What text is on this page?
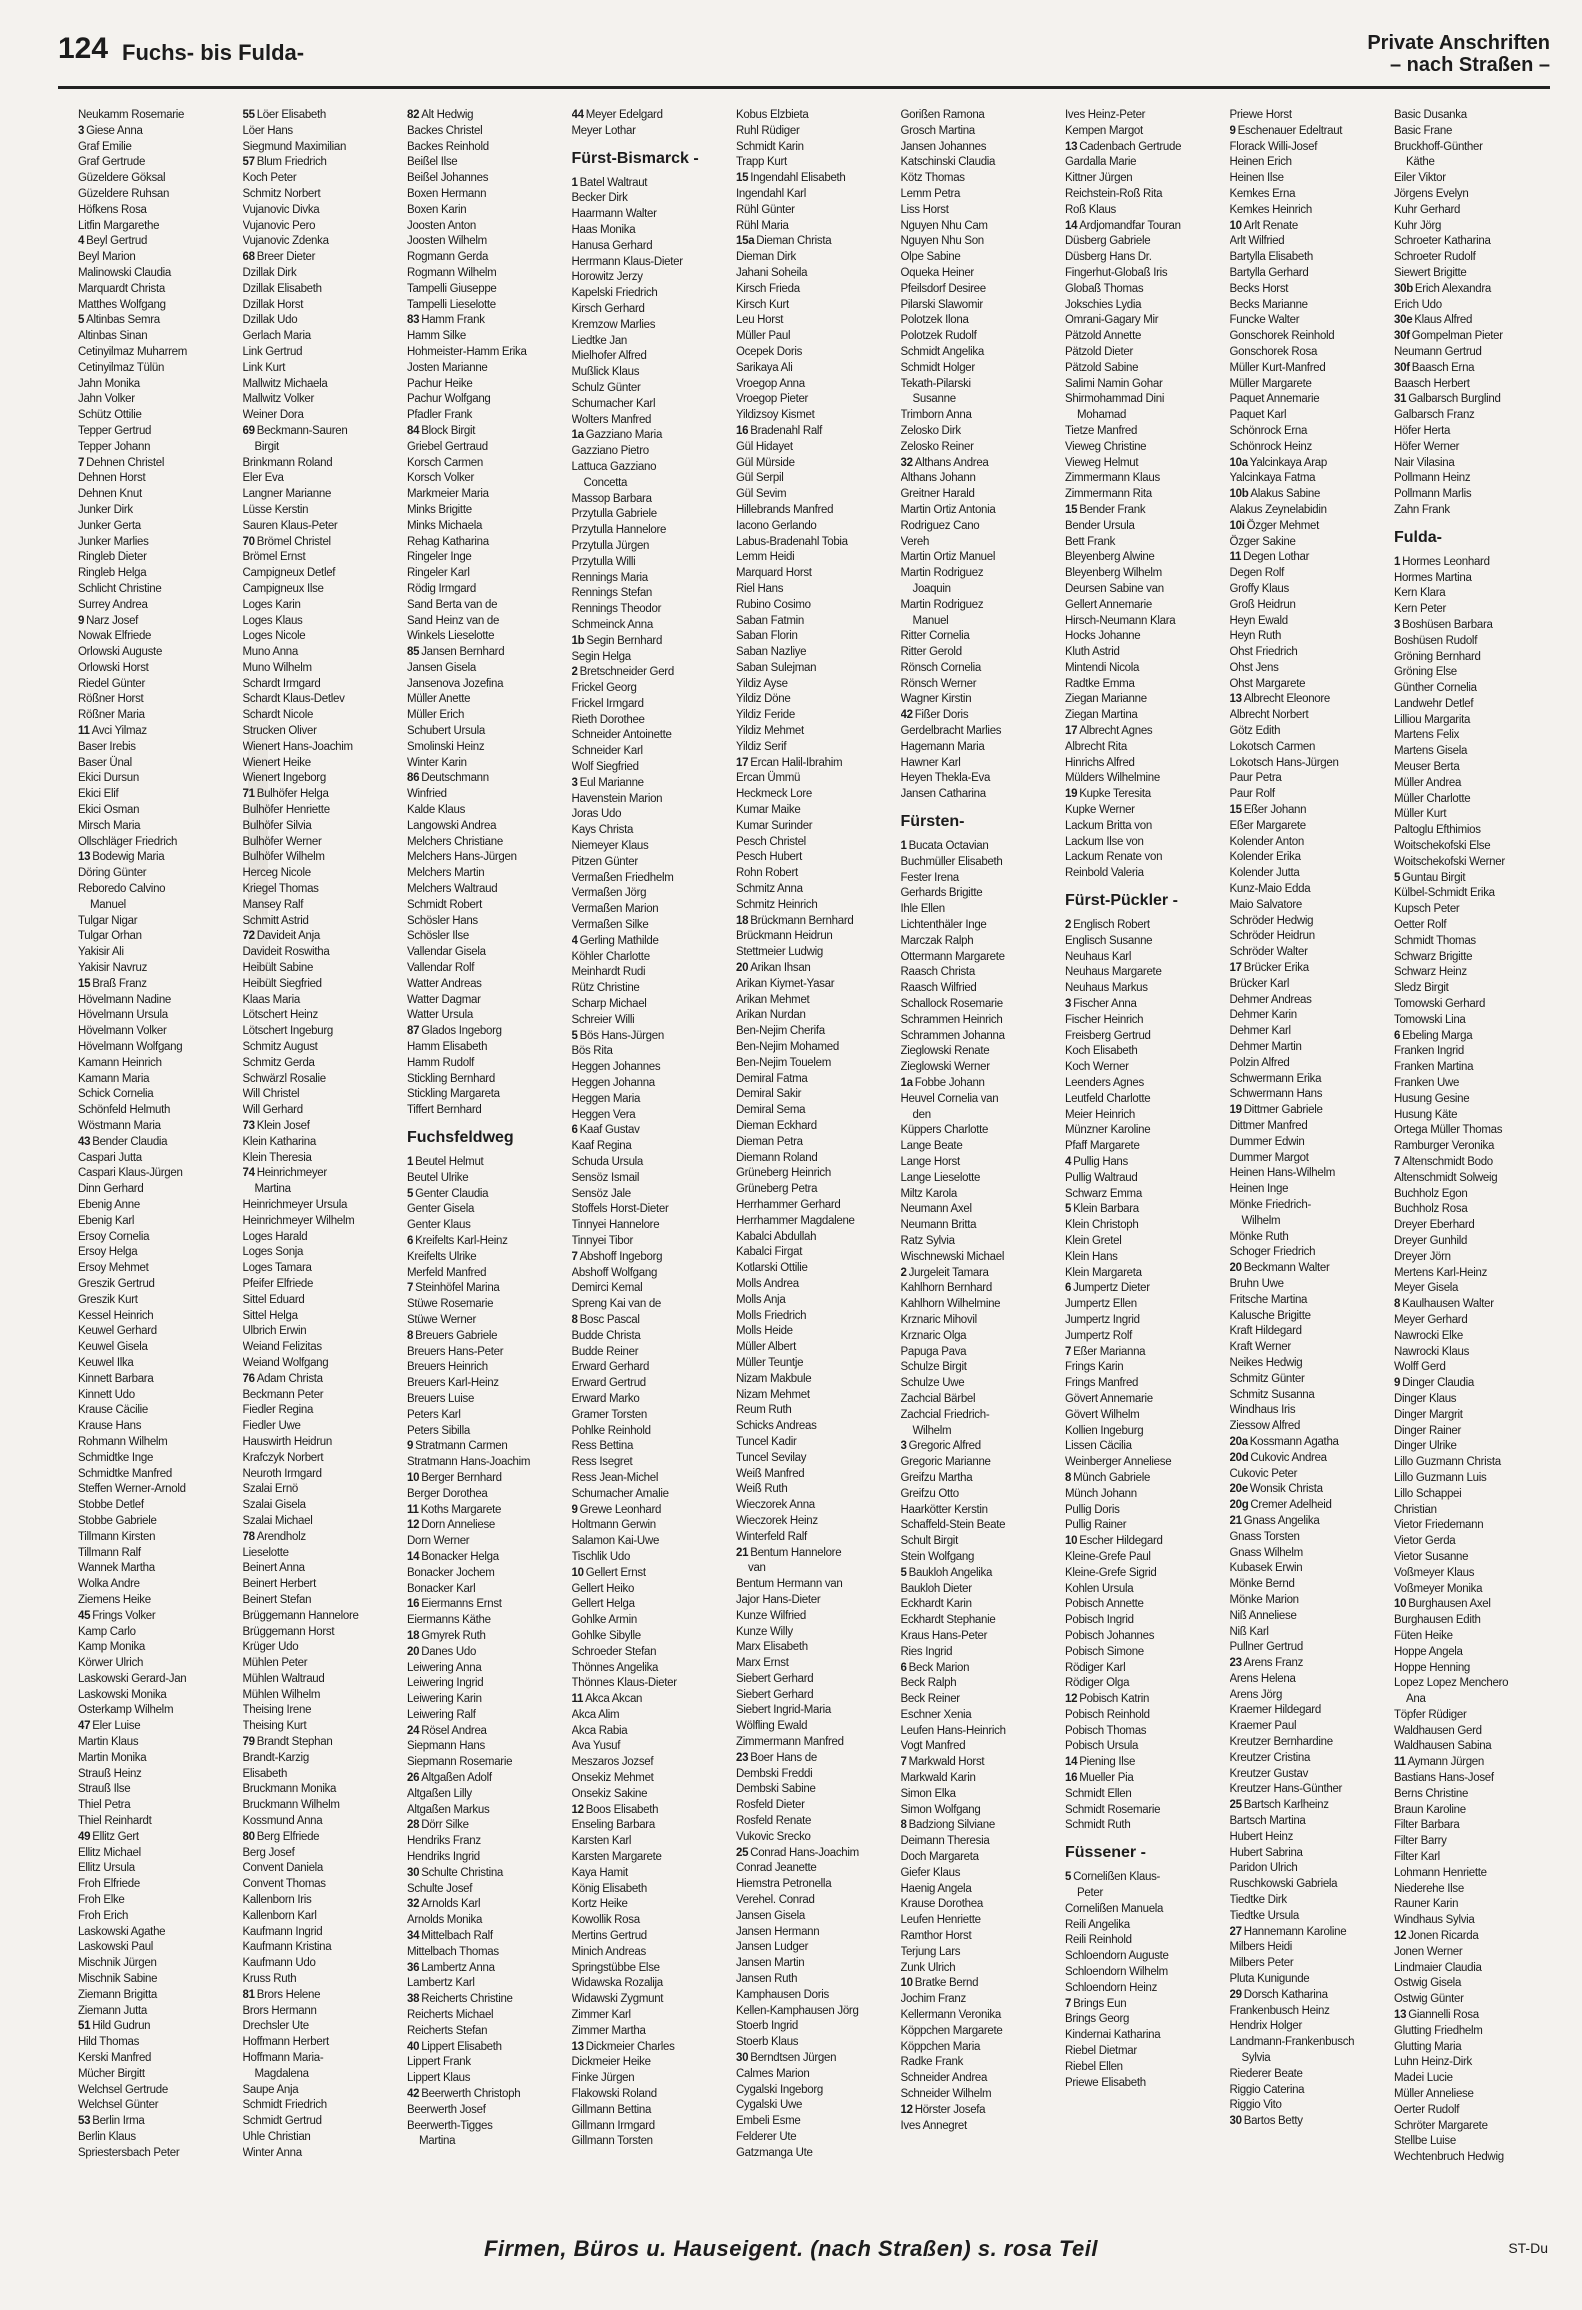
124 Fuchs- bis Fulda-	Private Anschriften
– nach Straßen –
Neukamm Rosemarie
3 Giese Anna
Graf Emilie
Graf Gertrude
Güzeldere Göksal
Güzeldere Ruhsan
Höfkens Rosa
Litfin Margarethe
4 Beyl Gertrud
Beyl Marion
Malinowski Claudia
Marquardt Christa
Matthes Wolfgang
5 Altinbas Semra
Altinbas Sinan
Cetinyilmaz Muharrem
Cetinyilmaz Tülün
Jahn Monika
Jahn Volker
Schütz Ottilie
Tepper Gertrud
Tepper Johann
7 Dehnen Christel
Dehnen Horst
Dehnen Knut
Junker Dirk
Junker Gerta
Junker Marlies
Ringleb Dieter
Ringleb Helga
Schlicht Christine
Surrey Andrea
9 Narz Josef
Nowak Elfriede
Orlowski Auguste
Orlowski Horst
Riedel Günter
Rößner Horst
Rößner Maria
11 Avci Yilmaz
Baser Irebis
Baser Ünal
Ekici Dursun
Ekici Elif
Ekici Osman
Mirsch Maria
Ollschläger Friedrich
13 Bodewig Maria
Döring Günter
Reboredo Calvino
Manuel
Tulgar Nigar
Tulgar Orhan
Yakisir Ali
Yakisir Navruz
15 Braß Franz
Hövelmann Nadine
Hövelmann Ursula
Hövelmann Volker
Hövelmann Wolfgang
Kamann Heinrich
Kamann Maria
Schick Cornelia
Schönfeld Helmuth
Wöstmann Maria
43 Bender Claudia
Caspari Jutta
Caspari Klaus-Jürgen
Dinn Gerhard
Ebenig Anne
Ebenig Karl
Ersoy Cornelia
Ersoy Helga
Ersoy Mehmet
Greszik Gertrud
Greszik Kurt
Kessel Heinrich
Keuwel Gerhard
Keuwel Gisela
Keuwel Ilka
Kinnett Barbara
Kinnett Udo
Krause Cäcilie
Krause Hans
Rohmann Wilhelm
Schmidtke Inge
Schmidtke Manfred
Steffen Werner-Arnold
Stobbe Detlef
Stobbe Gabriele
Tillmann Kirsten
Tillmann Ralf
Wannek Martha
Wolka Andre
Ziemens Heike
45 Frings Volker
Kamp Carlo
Kamp Monika
Körwer Ulrich
Laskowski Gerard-Jan
Laskowski Monika
Osterkamp Wilhelm
47 Eler Luise
Martin Klaus
Martin Monika
Strauß Heinz
Strauß Ilse
Thiel Petra
Thiel Reinhardt
49 Ellitz Gert
Ellitz Michael
Ellitz Ursula
Froh Elfriede
Froh Elke
Froh Erich
Laskowski Agathe
Laskowski Paul
Mischnik Jürgen
Mischnik Sabine
Ziemann Brigitta
Ziemann Jutta
51 Hild Gudrun
Hild Thomas
Kerski Manfred
Mücher Birgitt
Welchsel Gertrude
Welchsel Günter
53 Berlin Irma
Berlin Klaus
Spriestersbach Peter
55 Löer Elisabeth
Löer Hans
Siegmund Maximilian
57 Blum Friedrich
Koch Peter
Schmitz Norbert
Vujanovic Divka
Vujanovic Pero
Vujanovic Zdenka
68 Breer Dieter
Dzillak Dirk
Dzillak Elisabeth
Dzillak Horst
Dzillak Udo
Gerlach Maria
Link Gertrud
Link Kurt
Mallwitz Michaela
Mallwitz Volker
Weiner Dora
69 Beckmann-Sauren
Birgit
Brinkmann Roland
Eler Eva
Langner Marianne
Lüsse Kerstin
Sauren Klaus-Peter
70 Brömel Christel
Brömel Ernst
Campigneux Detlef
Campigneux Ilse
Loges Karin
Loges Klaus
Loges Nicole
Muno Anna
Muno Wilhelm
Schardt Irmgard
Schardt Klaus-Detlev
Schardt Nicole
Strucken Oliver
Wienert Hans-Joachim
Wienert Heike
Wienert Ingeborg
71 Bulhöfer Helga
Bulhöfer Henriette
Bulhöfer Silvia
Bulhöfer Werner
Bulhöfer Wilhelm
Herceg Nicole
Kriegel Thomas
Mansey Ralf
Schmitt Astrid
72 Davideit Anja
Davideit Roswitha
Heibült Sabine
Heibült Siegfried
Klaas Maria
Lötschert Heinz
Lötschert Ingeburg
Schmitz August
Schmitz Gerda
Schwärzl Rosalie
Will Christel
Will Gerhard
73 Klein Josef
Klein Katharina
Klein Theresia
74 Heinrichmeyer
Martina
Heinrichmeyer Ursula
Heinrichmeyer Wilhelm
Loges Harald
Loges Sonja
Loges Tamara
Pfeifer Elfriede
Sittel Eduard
Sittel Helga
Ulbrich Erwin
Weiand Felizitas
Weiand Wolfgang
76 Adam Christa
Beckmann Peter
Fiedler Regina
Fiedler Uwe
Hauswirth Heidrun
Krafczyk Norbert
Neuroth Irmgard
Szalai Ernö
Szalai Gisela
Szalai Michael
78 Arendholz
Lieselotte
Beinert Anna
Beinert Herbert
Beinert Stefan
Brüggemann Hannelore
Brüggemann Horst
Krüger Udo
Mühlen Peter
Mühlen Waltraud
Mühlen Wilhelm
Theising Irene
Theising Kurt
79 Brandt Stephan
Brandt-Karzig
Elisabeth
Bruckmann Monika
Bruckmann Wilhelm
Kossmund Anna
80 Berg Elfriede
Berg Josef
Convent Daniela
Convent Thomas
Kallenborn Iris
Kallenborn Karl
Kaufmann Ingrid
Kaufmann Kristina
Kaufmann Udo
Kruss Ruth
81 Brors Helene
Brors Hermann
Drechsler Ute
Hoffmann Herbert
Hoffmann Maria-
Magdalena
Saupe Anja
Schmidt Friedrich
Schmidt Gertrud
Uhle Christian
Winter Anna
82 Alt Hedwig
Backes Christel
Backes Reinhold
Beißel Ilse
Beißel Johannes
Boxen Hermann
Boxen Karin
Joosten Anton
Joosten Wilhelm
Rogmann Gerda
Rogmann Wilhelm
Tampelli Giuseppe
Tampelli Lieselotte
83 Hamm Frank
Hamm Silke
Hohmeister-Hamm Erika
Josten Marianne
Pachur Heike
Pachur Wolfgang
Pfadler Frank
84 Block Birgit
Griebel Gertraud
Korsch Carmen
Korsch Volker
Markmeier Maria
Minks Brigitte
Minks Michaela
Rehag Katharina
Ringeler Inge
Ringeler Karl
Rödig Irmgard
Sand Berta van de
Sand Heinz van de
Winkels Lieselotte
85 Jansen Bernhard
Jansen Gisela
Jansenova Jozefina
Müller Anette
Müller Erich
Schubert Ursula
Smolinski Heinz
Winter Karin
86 Deutschmann
Winfried
Kalde Klaus
Langowski Andrea
Melchers Christiane
Melchers Hans-Jürgen
Melchers Martin
Melchers Waltraud
Schmidt Robert
Schösler Hans
Schösler Ilse
Vallendar Gisela
Vallendar Rolf
Watter Andreas
Watter Dagmar
Watter Ursula
87 Glados Ingeborg
Hamm Elisabeth
Hamm Rudolf
Stickling Bernhard
Stickling Margareta
Tiffert Bernhard
Fuchsfeldweg
1 Beutel Helmut
Beutel Ulrike
5 Genter Claudia
Genter Gisela
Genter Klaus
6 Kreifelts Karl-Heinz
Kreifelts Ulrike
Merfeld Manfred
7 Steinhöfel Marina
Stüwe Rosemarie
Stüwe Werner
8 Breuers Gabriele
Breuers Hans-Peter
Breuers Heinrich
Breuers Karl-Heinz
Breuers Luise
Peters Karl
Peters Sibilla
9 Stratmann Carmen
Stratmann Hans-Joachim
10 Berger Bernhard
Berger Dorothea
11 Koths Margarete
12 Dorn Anneliese
Dorn Werner
14 Bonacker Helga
Bonacker Jochem
Bonacker Karl
16 Eiermanns Ernst
Eiermanns Käthe
18 Gmyrek Ruth
20 Danes Udo
Leiwering Anna
Leiwering Ingrid
Leiwering Karin
Leiwering Ralf
24 Rösel Andrea
Siepmann Hans
Siepmann Rosemarie
26 Altgaßen Adolf
Altgaßen Lilly
Altgaßen Markus
28 Dörr Silke
Hendriks Franz
Hendriks Ingrid
30 Schulte Christina
Schulte Josef
32 Arnolds Karl
Arnolds Monika
34 Mittelbach Ralf
Mittelbach Thomas
36 Lambertz Anna
Lambertz Karl
38 Reicherts Christine
Reicherts Michael
Reicherts Stefan
40 Lippert Elisabeth
Lippert Frank
Lippert Klaus
42 Beerwerth Christoph
Beerwerth Josef
Beerwerth-Tigges
Martina
44 Meyer Edelgard
Meyer Lothar
Fürst-Bismarck -
1 Batel Waltraut
Becker Dirk
Haarmann Walter
Haas Monika
Hanusa Gerhard
Herrmann Klaus-Dieter
Horowitz Jerzy
Kapelski Friedrich
Kirsch Gerhard
Kremzow Marlies
Liedtke Jan
Mielhofer Alfred
Mußlick Klaus
Schulz Günter
Schumacher Karl
Wolters Manfred
1a Gazziano Maria
Gazziano Pietro
Lattuca Gazziano
Concetta
Massop Barbara
Przytulla Gabriele
Przytulla Hannelore
Przytulla Jürgen
Przytulla Willi
Rennings Maria
Rennings Stefan
Rennings Theodor
Schmeinck Anna
1b Segin Bernhard
Segin Helga
2 Bretschneider Gerd
Frickel Georg
Frickel Irmgard
Rieth Dorothee
Schneider Antoinette
Schneider Karl
Wolf Siegfried
3 Eul Marianne
Havenstein Marion
Joras Udo
Kays Christa
Niemeyer Klaus
Pitzen Günter
Vermaßen Friedhelm
Vermaßen Jörg
Vermaßen Marion
Vermaßen Silke
4 Gerling Mathilde
Köhler Charlotte
Meinhardt Rudi
Rütz Christine
Scharp Michael
Schreier Willi
5 Bös Hans-Jürgen
Bös Rita
Heggen Johannes
Heggen Johanna
Heggen Maria
Heggen Vera
6 Kaaf Gustav
Kaaf Regina
Schuda Ursula
Sensöz Ismail
Sensöz Jale
Stoffels Horst-Dieter
Tinnyei Hannelore
Tinnyei Tibor
7 Abshoff Ingeborg
Abshoff Wolfgang
Demirci Kemal
Spreng Kai van de
8 Bosc Pascal
Budde Christa
Budde Reiner
Erward Gerhard
Erward Gertrud
Erward Marko
Gramer Torsten
Pohlke Reinhold
Ress Bettina
Ress Isegret
Ress Jean-Michel
Schumacher Amalie
9 Grewe Leonhard
Holtmann Gerwin
Salamon Kai-Uwe
Tischlik Udo
10 Gellert Ernst
Gellert Heiko
Gellert Helga
Gohlke Armin
Gohlke Sibylle
Schroeder Stefan
Thönnes Angelika
Thönnes Klaus-Dieter
11 Akca Akcan
Akca Alim
Akca Rabia
Ava Yusuf
Meszaros Jozsef
Onsekiz Mehmet
Onsekiz Sakine
12 Boos Elisabeth
Enseling Barbara
Karsten Karl
Karsten Margarete
Kaya Hamit
König Elisabeth
Kortz Heike
Kowollik Rosa
Mertins Gertrud
Minich Andreas
Springstübbe Else
Widawska Rozalija
Widawski Zygmunt
Zimmer Karl
Zimmer Martha
13 Dickmeier Charles
Dickmeier Heike
Finke Jürgen
Flakowski Roland
Gillmann Bettina
Gillmann Irmgard
Gillmann Torsten
Kobus Elzbieta
Ruhl Rüdiger
Schmidt Karin
Trapp Kurt
15 Ingendahl Elisabeth
Ingendahl Karl
Rühl Günter
Rühl Maria
15a Dieman Christa
Dieman Dirk
Jahani Soheila
Kirsch Frieda
Kirsch Kurt
Leu Horst
Müller Paul
Ocepek Doris
Sarikaya Ali
Vroegop Anna
Vroegop Pieter
Yildizsoy Kismet
16 Bradenahl Ralf
Gül Hidayet
Gül Mürside
Gül Serpil
Gül Sevim
Hillebrands Manfred
Iacono Gerlando
Labus-Bradenahl Tobia
Lemm Heidi
Marquard Horst
Riel Hans
Rubino Cosimo
Saban Fatmin
Saban Florin
Saban Nazliye
Saban Sulejman
Yildiz Ayse
Yildiz Döne
Yildiz Feride
Yildiz Mehmet
Yildiz Serif
17 Ercan Halil-Ibrahim
Ercan Ümmü
Heckmeck Lore
Kumar Maike
Kumar Surinder
Pesch Christel
Pesch Hubert
Rohn Robert
Schmitz Anna
Schmitz Heinrich
18 Brückmann Bernhard
Brückmann Heidrun
Stettmeier Ludwig
20 Arikan Ihsan
Arikan Kiymet-Yasar
Arikan Mehmet
Arikan Nurdan
Ben-Nejim Cherifa
Ben-Nejim Mohamed
Ben-Nejim Touelem
Demiral Fatma
Demiral Sakir
Demiral Sema
Dieman Eckhard
Dieman Petra
Diemann Roland
Grüneberg Heinrich
Grüneberg Petra
Herrhammer Gerhard
Herrhammer Magdalene
Kabalci Abdullah
Kabalci Firgat
Kotlarski Ottilie
Molls Andrea
Molls Anja
Molls Friedrich
Molls Heide
Müller Albert
Müller Teuntje
Nizam Makbule
Nizam Mehmet
Reum Ruth
Schicks Andreas
Tuncel Kadir
Tuncel Sevilay
Weiß Manfred
Weiß Ruth
Wieczorek Anna
Wieczorek Heinz
Winterfeld Ralf
21 Bentum Hannelore
van
Bentum Hermann van
Jajor Hans-Dieter
Kunze Wilfried
Kunze Willy
Marx Elisabeth
Marx Ernst
Siebert Gerhard
Siebert Gerhard
Siebert Ingrid-Maria
Wölfling Ewald
Zimmermann Manfred
23 Boer Hans de
Dembski Freddi
Dembski Sabine
Rosfeld Dieter
Rosfeld Renate
Vukovic Srecko
25 Conrad Hans-Joachim
Conrad Jeanette
Hiemstra Petronella
Verehel. Conrad
Jansen Gisela
Jansen Hermann
Jansen Ludger
Jansen Martin
Jansen Ruth
Kamphausen Doris
Kellen-Kamphausen Jörg
Stoerb Ingrid
Stoerb Klaus
30 Berndtsen Jürgen
Calmes Marion
Cygalski Ingeborg
Cygalski Uwe
Embeli Esme
Felderer Ute
Gatzmanga Ute
Gorißen Ramona
Grosch Martina
Jansen Johannes
Katschinski Claudia
Kötz Thomas
Lemm Petra
Liss Horst
Nguyen Nhu Cam
Nguyen Nhu Son
Olpe Sabine
Oqueka Heiner
Pfeilsdorf Desiree
Pilarski Slawomir
Polotzek Ilona
Polotzek Rudolf
Schmidt Angelika
Schmidt Holger
Tekath-Pilarski
Susanne
Trimborn Anna
Zelosko Dirk
Zelosko Reiner
32 Althans Andrea
Althans Johann
Greitner Harald
Martin Ortiz Antonia
Rodriguez Cano
Vereh
Martin Ortiz Manuel
Martin Rodriguez
Joaquin
Martin Rodriguez
Manuel
Ritter Cornelia
Ritter Gerold
Rönsch Cornelia
Rönsch Werner
Wagner Kirstin
42 Fißer Doris
Gerdelbracht Marlies
Hagemann Maria
Hawner Karl
Heyen Thekla-Eva
Jansen Catharina
Fürsten-
1 Bucata Octavian
Buchmüller Elisabeth
Fester Irena
Gerhards Brigitte
Ihle Ellen
Lichtenthäler Inge
Marczak Ralph
Ottermann Margarete
Raasch Christa
Raasch Wilfried
Schallock Rosemarie
Schrammen Heinrich
Schrammen Johanna
Zieglowski Renate
Zieglowski Werner
1a Fobbe Johann
Heuvel Cornelia van
den
Küppers Charlotte
Lange Beate
Lange Horst
Lange Lieselotte
Miltz Karola
Neumann Axel
Neumann Britta
Ratz Sylvia
Wischnewski Michael
2 Jurgeleit Tamara
Kahlhorn Bernhard
Kahlhorn Wilhelmine
Krznaric Mihovil
Krznaric Olga
Papuga Pava
Schulze Birgit
Schulze Uwe
Zachcial Bärbel
Zachcial Friedrich-
Wilhelm
3 Gregoric Alfred
Gregoric Marianne
Greifzu Martha
Greifzu Otto
Haarkötter Kerstin
Schaffeld-Stein Beate
Schult Birgit
Stein Wolfgang
5 Baukloh Angelika
Baukloh Dieter
Eckhardt Karin
Eckhardt Stephanie
Kraus Hans-Peter
Ries Ingrid
6 Beck Marion
Beck Ralph
Beck Reiner
Eschner Xenia
Leufen Hans-Heinrich
Vogt Manfred
7 Markwald Horst
Markwald Karin
Simon Elka
Simon Wolfgang
8 Badziong Silviane
Deimann Theresia
Doch Margareta
Giefer Klaus
Haenig Angela
Krause Dorothea
Leufen Henriette
Ramthor Horst
Terjung Lars
Zunk Ulrich
10 Bratke Bernd
Jochim Franz
Kellermann Veronika
Köppchen Margarete
Köppchen Maria
Radke Frank
Schneider Andrea
Schneider Wilhelm
12 Hörster Josefa
Ives Annegret
Ives Heinz-Peter
Kempen Margot
13 Cadenbach Gertrude
Gardalla Marie
Kittner Jürgen
Reichstein-Roß Rita
Roß Klaus
14 Ardjomandfar Touran
Düsberg Gabriele
Düsberg Hans Dr.
Fingerhut-Globaß Iris
Globaß Thomas
Jokschies Lydia
Omrani-Gagary Mir
Pätzold Annette
Pätzold Dieter
Pätzold Sabine
Salimi Namin Gohar
Shirmohammad Dini
Mohamad
Tietze Manfred
Vieweg Christine
Vieweg Helmut
Zimmermann Klaus
Zimmermann Rita
15 Bender Frank
Bender Ursula
Bett Frank
Bleyenberg Alwine
Bleyenberg Wilhelm
Deursen Sabine van
Gellert Annemarie
Hirsch-Neumann Klara
Hocks Johanne
Kluth Astrid
Mintendi Nicola
Radtke Emma
Ziegan Marianne
Ziegan Martina
17 Albrecht Agnes
Albrecht Rita
Hinrichs Alfred
Mülders Wilhelmine
19 Kupke Teresita
Kupke Werner
Lackum Britta von
Lackum Ilse von
Lackum Renate von
Reinbold Valeria
Fürst-Pückler -
2 Englisch Robert
Englisch Susanne
Neuhaus Karl
Neuhaus Margarete
Neuhaus Markus
3 Fischer Anna
Fischer Heinrich
Freisberg Gertrud
Koch Elisabeth
Koch Werner
Leenders Agnes
Leutfeld Charlotte
Meier Heinrich
Münzner Karoline
Pfaff Margarete
4 Pullig Hans
Pullig Waltraud
Schwarz Emma
5 Klein Barbara
Klein Christoph
Klein Gretel
Klein Hans
Klein Margareta
6 Jumpertz Dieter
Jumpertz Ellen
Jumpertz Ingrid
Jumpertz Rolf
7 Eßer Marianna
Frings Karin
Frings Manfred
Gövert Annemarie
Gövert Wilhelm
Kollien Ingeburg
Lissen Cäcilia
Weinberger Anneliese
8 Münch Gabriele
Münch Johann
Pullig Doris
Pullig Rainer
10 Escher Hildegard
Kleine-Grefe Paul
Kleine-Grefe Sigrid
Kohlen Ursula
Pobisch Annette
Pobisch Ingrid
Pobisch Johannes
Pobisch Simone
Rödiger Karl
Rödiger Olga
12 Pobisch Katrin
Pobisch Reinhold
Pobisch Thomas
Pobisch Ursula
14 Piening Ilse
16 Mueller Pia
Schmidt Ellen
Schmidt Rosemarie
Schmidt Ruth
Füssener -
5 Cornelißen Klaus-
Peter
Cornelißen Manuela
Reili Angelika
Reili Reinhold
Schloendorn Auguste
Schloendorn Wilhelm
Schloendorn Heinz
7 Brings Eun
Brings Georg
Kindernai Katharina
Riebel Dietmar
Riebel Ellen
Priewe Elisabeth
Priewe Horst
9 Eschenauer Edeltraut
Florack Willi-Josef
Heinen Erich
Heinen Ilse
Kemkes Erna
Kemkes Heinrich
10 Arlt Renate
Arlt Wilfried
Bartylla Elisabeth
Bartylla Gerhard
Becks Horst
Becks Marianne
Funcke Walter
Gonschorek Reinhold
Gonschorek Rosa
Müller Kurt-Manfred
Müller Margarete
Paquet Annemarie
Paquet Karl
Schönrock Erna
Schönrock Heinz
10a Yalcinkaya Arap
Yalcinkaya Fatma
10b Alakus Sabine
Alakus Zeynelabidin
10i Özger Mehmet
Özger Sakine
11 Degen Lothar
Degen Rolf
Groffy Klaus
Groß Heidrun
Heyn Ewald
Heyn Ruth
Ohst Friedrich
Ohst Jens
Ohst Margarete
13 Albrecht Eleonore
Albrecht Norbert
Götz Edith
Lokotsch Carmen
Lokotsch Hans-Jürgen
Paur Petra
Paur Rolf
15 Eßer Johann
Eßer Margarete
Kolender Anton
Kolender Erika
Kolender Jutta
Kunz-Maio Edda
Maio Salvatore
Schröder Hedwig
Schröder Heidrun
Schröder Walter
17 Brücker Erika
Brücker Karl
Dehmer Andreas
Dehmer Karin
Dehmer Karl
Dehmer Martin
Polzin Alfred
Schwermann Erika
Schwermann Hans
19 Dittmer Gabriele
Dittmer Manfred
Dummer Edwin
Dummer Margot
Heinen Hans-Wilhelm
Heinen Inge
Mönke Friedrich-
Wilhelm
Mönke Ruth
Schoger Friedrich
20 Beckmann Walter
Bruhn Uwe
Fritsche Martina
Kalusche Brigitte
Kraft Hildegard
Kraft Werner
Neikes Hedwig
Schmitz Günter
Schmitz Susanna
Windhaus Iris
Ziessow Alfred
20a Kossmann Agatha
20d Cukovic Andrea
Cukovic Peter
20e Wonsik Christa
20g Cremer Adelheid
21 Gnass Angelika
Gnass Torsten
Gnass Wilhelm
Kubasek Erwin
Mönke Bernd
Mönke Marion
Niß Anneliese
Niß Karl
Pullner Gertrud
23 Arens Franz
Arens Helena
Arens Jörg
Kraemer Hildegard
Kraemer Paul
Kreutzer Bernhardine
Kreutzer Cristina
Kreutzer Gustav
Kreutzer Hans-Günther
25 Bartsch Karlheinz
Bartsch Martina
Hubert Heinz
Hubert Sabrina
Paridon Ulrich
Ruschkowski Gabriela
Tiedtke Dirk
Tiedtke Ursula
27 Hannemann Karoline
Milbers Heidi
Milbers Peter
Pluta Kunigunde
29 Dorsch Katharina
Frankenbusch Heinz
Hendrix Holger
Landmann-Frankenbusch
Sylvia
Riederer Beate
Riggio Caterina
Riggio Vito
30 Bartos Betty
Basic Dusanka
Basic Frane
Bruckhoff-Günther
Käthe
Eiler Viktor
Jörgens Evelyn
Kuhr Gerhard
Kuhr Jörg
Schroeter Katharina
Schroeter Rudolf
Siewert Brigitte
30b Erich Alexandra
Erich Udo
30e Klaus Alfred
30f Gompelman Pieter
Neumann Gertrud
30f Baasch Erna
Baasch Herbert
31 Galbarsch Burglind
Galbarsch Franz
Höfer Herta
Höfer Werner
Nair Vilasina
Pollmann Heinz
Pollmann Marlis
Zahn Frank
Fulda-
1 Hormes Leonhard
Hormes Martina
Kern Klara
Kern Peter
3 Boshüsen Barbara
Boshüsen Rudolf
Gröning Bernhard
Gröning Else
Günther Cornelia
Landwehr Detlef
Lilliou Margarita
Martens Felix
Martens Gisela
Meuser Berta
Müller Andrea
Müller Charlotte
Müller Kurt
Paltoglu Efthimios
Woitschekofski Else
Woitschekofski Werner
5 Guntau Birgit
Külbel-Schmidt Erika
Kupsch Peter
Oetter Rolf
Schmidt Thomas
Schwarz Brigitte
Schwarz Heinz
Sledz Birgit
Tomowski Gerhard
Tomowski Lina
6 Ebeling Marga
Franken Ingrid
Franken Martina
Franken Uwe
Husung Gesine
Husung Käte
Ortega Müller Thomas
Ramburger Veronika
7 Altenschmidt Bodo
Altenschmidt Solweig
Buchholz Egon
Buchholz Rosa
Dreyer Eberhard
Dreyer Gunhild
Dreyer Jörn
Mertens Karl-Heinz
Meyer Gisela
8 Kaulhausen Walter
Meyer Gerhard
Nawrocki Elke
Nawrocki Klaus
Wolff Gerd
9 Dinger Claudia
Dinger Klaus
Dinger Margrit
Dinger Rainer
Dinger Ulrike
Lillo Guzmann Christa
Lillo Guzmann Luis
Lillo Schappei
Christian
Vietor Friedemann
Vietor Gerda
Vietor Susanne
Voßmeyer Klaus
Voßmeyer Monika
10 Burghausen Axel
Burghausen Edith
Füten Heike
Hoppe Angela
Hoppe Henning
Lopez Lopez Menchero
Ana
Töpfer Rüdiger
Waldhausen Gerd
Waldhausen Sabina
11 Aymann Jürgen
Bastians Hans-Josef
Berns Christine
Braun Karoline
Filter Barbara
Filter Barry
Filter Karl
Lohmann Henriette
Niederehe Ilse
Rauner Karin
Windhaus Sylvia
12 Jonen Ricarda
Jonen Werner
Lindmaier Claudia
Ostwig Gisela
Ostwig Günter
13 Giannelli Rosa
Glutting Friedhelm
Glutting Maria
Luhn Heinz-Dirk
Madei Lucie
Müller Anneliese
Oerter Rudolf
Schröter Margarete
Stellbe Luise
Wechtenbruch Hedwig
Firmen, Büros u. Hauseigent. (nach Straßen) s. rosa Teil	ST-Du
